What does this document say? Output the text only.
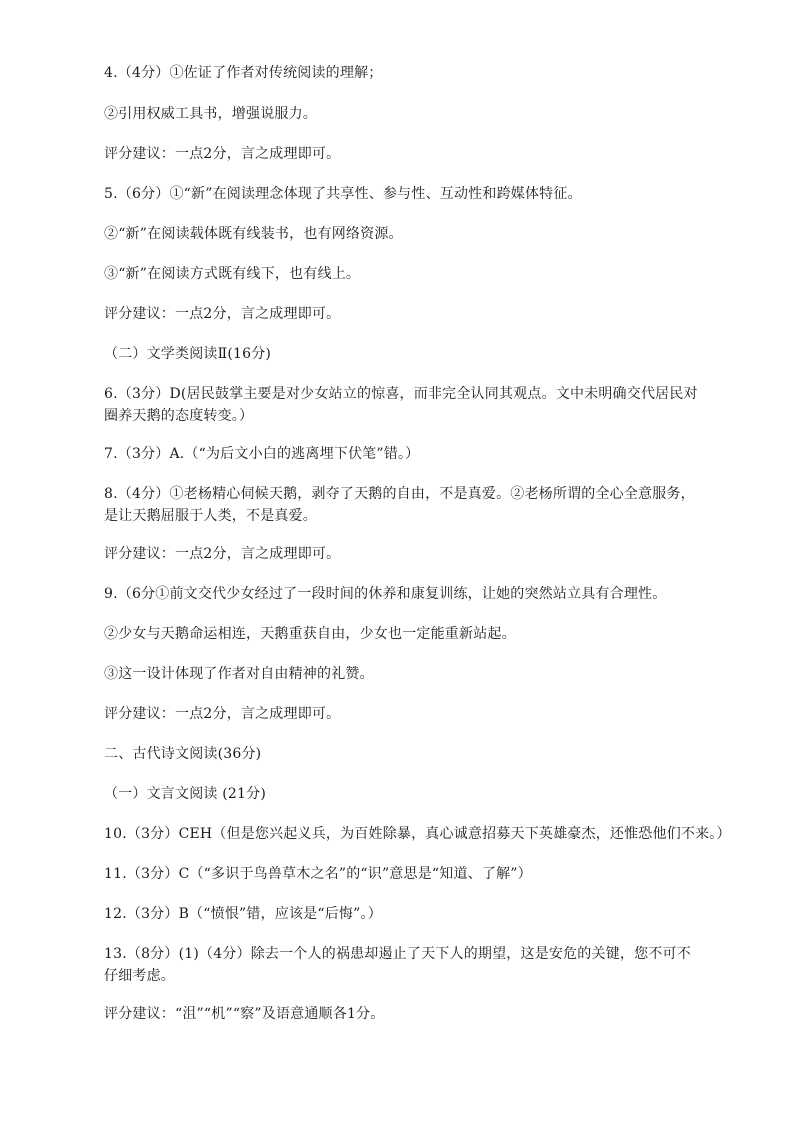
4.（4分）①佐证了作者对传统阅读的理解；
②引用权威工具书，增强说服力。
评分建议：一点2分，言之成理即可。
5.（6分）①“新”在阅读理念体现了共享性、参与性、互动性和跨媒体特征。
②“新”在阅读载体既有线装书，也有网络资源。
③“新”在阅读方式既有线下，也有线上。
评分建议：一点2分，言之成理即可。
（二）文学类阅读Ⅱ(16分)
6.（3分）D(居民鼓掌主要是对少女站立的惊喜，而非完全认同其观点。文中未明确交代居民对圈养天鹅的态度转变。）
7.（3分）A.（“为后文小白的逃离埋下伏笔”错。）
8.（4分）①老杨精心伺候天鹅，剥夺了天鹅的自由，不是真爱。②老杨所谓的全心全意服务，是让天鹅屈服于人类，不是真爱。
评分建议：一点2分，言之成理即可。
9.（6分①前文交代少女经过了一段时间的休养和康复训练，让她的突然站立具有合理性。
②少女与天鹅命运相连，天鹅重获自由，少女也一定能重新站起。
③这一设计体现了作者对自由精神的礼赞。
评分建议：一点2分，言之成理即可。
二、古代诗文阅读(36分)
（一）文言文阅读 (21分)
10.（3分）CEH（但是您兴起义兵，为百姓除暴，真心诚意招募天下英雄豪杰，还惟恐他们不来。）
11.（3分）C（“多识于鸟兽草木之名”的“识”意思是“知道、了解”）
12.（3分）B（“愤恨”错，应该是“后悔”。）
13.（8分）(1)（4分）除去一个人的祸患却遏止了天下人的期望，这是安危的关键，您不可不仔细考虑。
评分建议：“沮”“机”“察”及语意通顺各1分。
